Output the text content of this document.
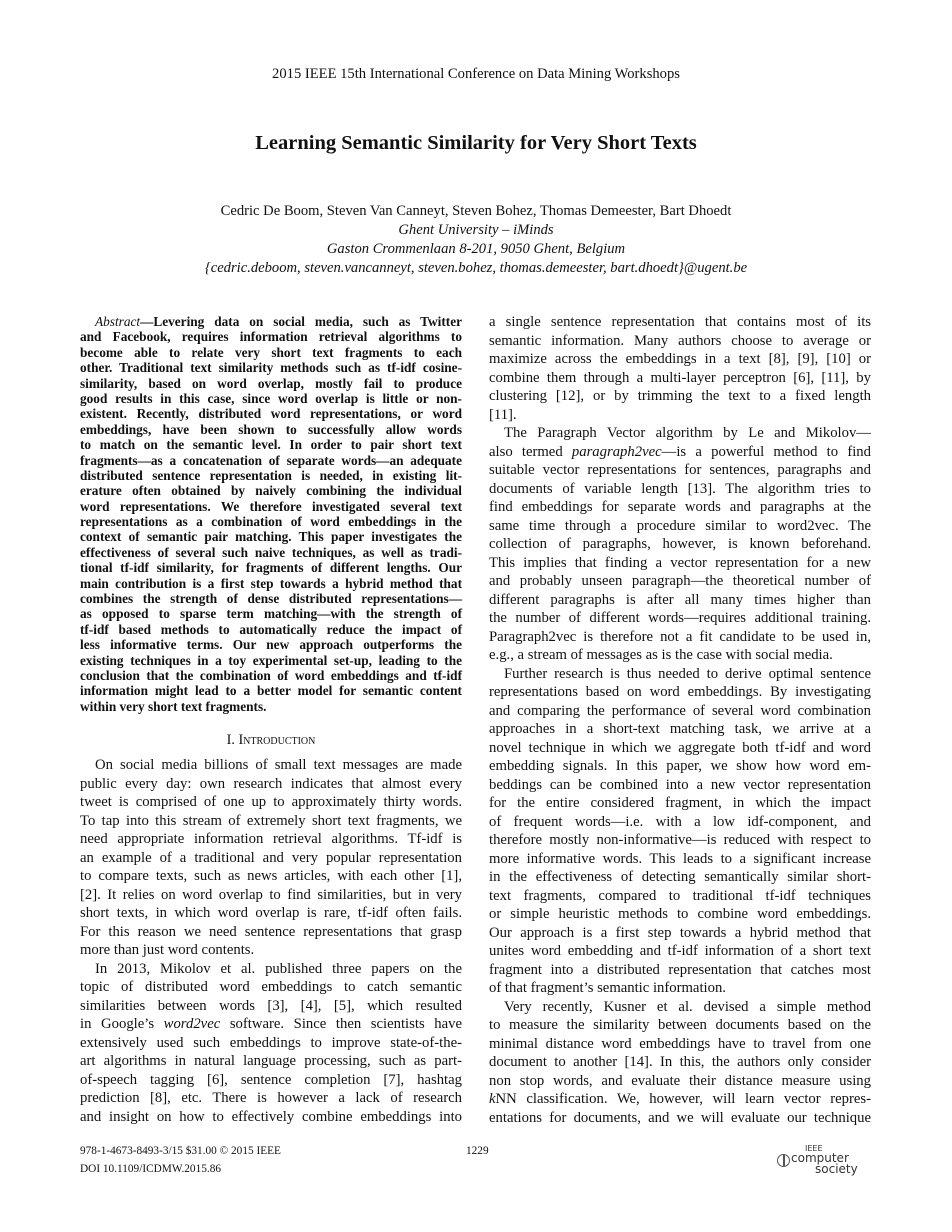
2015 IEEE 15th International Conference on Data Mining Workshops
Learning Semantic Similarity for Very Short Texts
Cedric De Boom, Steven Van Canneyt, Steven Bohez, Thomas Demeester, Bart Dhoedt
Ghent University – iMinds
Gaston Crommenlaan 8-201, 9050 Ghent, Belgium
{cedric.deboom, steven.vancanneyt, steven.bohez, thomas.demeester, bart.dhoedt}@ugent.be
Abstract—Levering data on social media, such as Twitter
and Facebook, requires information retrieval algorithms to
become able to relate very short text fragments to each
other. Traditional text similarity methods such as tf-idf cosine-
similarity, based on word overlap, mostly fail to produce
good results in this case, since word overlap is little or non-
existent. Recently, distributed word representations, or word
embeddings, have been shown to successfully allow words
to match on the semantic level. In order to pair short text
fragments—as a concatenation of separate words—an adequate
distributed sentence representation is needed, in existing lit-
erature often obtained by naively combining the individual
word representations. We therefore investigated several text
representations as a combination of word embeddings in the
context of semantic pair matching. This paper investigates the
effectiveness of several such naive techniques, as well as tradi-
tional tf-idf similarity, for fragments of different lengths. Our
main contribution is a first step towards a hybrid method that
combines the strength of dense distributed representations—
as opposed to sparse term matching—with the strength of
tf-idf based methods to automatically reduce the impact of
less informative terms. Our new approach outperforms the
existing techniques in a toy experimental set-up, leading to the
conclusion that the combination of word embeddings and tf-idf
information might lead to a better model for semantic content
within very short text fragments.
I. Introduction
On social media billions of small text messages are made
public every day: own research indicates that almost every
tweet is comprised of one up to approximately thirty words.
To tap into this stream of extremely short text fragments, we
need appropriate information retrieval algorithms. Tf-idf is
an example of a traditional and very popular representation
to compare texts, such as news articles, with each other [1],
[2]. It relies on word overlap to find similarities, but in very
short texts, in which word overlap is rare, tf-idf often fails.
For this reason we need sentence representations that grasp
more than just word contents.
In 2013, Mikolov et al. published three papers on the
topic of distributed word embeddings to catch semantic
similarities between words [3], [4], [5], which resulted
in Google’s word2vec software. Since then scientists have
extensively used such embeddings to improve state-of-the-
art algorithms in natural language processing, such as part-
of-speech tagging [6], sentence completion [7], hashtag
prediction [8], etc. There is however a lack of research
and insight on how to effectively combine embeddings into
a single sentence representation that contains most of its
semantic information. Many authors choose to average or
maximize across the embeddings in a text [8], [9], [10] or
combine them through a multi-layer perceptron [6], [11], by
clustering [12], or by trimming the text to a fixed length
[11].
The Paragraph Vector algorithm by Le and Mikolov—
also termed paragraph2vec—is a powerful method to find
suitable vector representations for sentences, paragraphs and
documents of variable length [13]. The algorithm tries to
find embeddings for separate words and paragraphs at the
same time through a procedure similar to word2vec. The
collection of paragraphs, however, is known beforehand.
This implies that finding a vector representation for a new
and probably unseen paragraph—the theoretical number of
different paragraphs is after all many times higher than
the number of different words—requires additional training.
Paragraph2vec is therefore not a fit candidate to be used in,
e.g., a stream of messages as is the case with social media.
Further research is thus needed to derive optimal sentence
representations based on word embeddings. By investigating
and comparing the performance of several word combination
approaches in a short-text matching task, we arrive at a
novel technique in which we aggregate both tf-idf and word
embedding signals. In this paper, we show how word em-
beddings can be combined into a new vector representation
for the entire considered fragment, in which the impact
of frequent words—i.e. with a low idf-component, and
therefore mostly non-informative—is reduced with respect to
more informative words. This leads to a significant increase
in the effectiveness of detecting semantically similar short-
text fragments, compared to traditional tf-idf techniques
or simple heuristic methods to combine word embeddings.
Our approach is a first step towards a hybrid method that
unites word embedding and tf-idf information of a short text
fragment into a distributed representation that catches most
of that fragment’s semantic information.
Very recently, Kusner et al. devised a simple method
to measure the similarity between documents based on the
minimal distance word embeddings have to travel from one
document to another [14]. In this, the authors only consider
non stop words, and evaluate their distance measure using
kNN classification. We, however, will learn vector repres-
entations for documents, and we will evaluate our technique
978-1-4673-8493-3/15 $31.00 © 2015 IEEE
DOI 10.1109/ICDMW.2015.86
1229	IEEE
computer
society
